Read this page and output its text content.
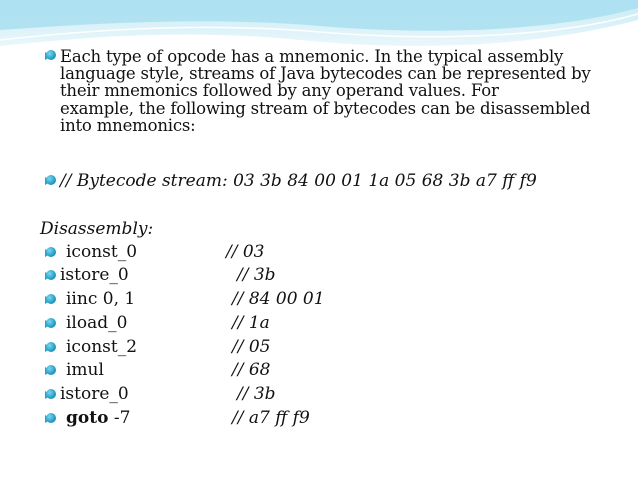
Each type of opcode has a mnemonic. In the typical assembly
language style, streams of Java bytecodes can be represented by
their mnemonics followed by any operand values. For
example, the following stream of bytecodes can be disassembled
into mnemonics:
// Bytecode stream: 03 3b 84 00 01 1a 05 68 3b a7 ff f9
Disassembly:
iconst_0	// 03
istore_0	// 3b
iinc 0, 1	// 84 00 01
iload_0	// 1a
iconst_2	// 05
imul	// 68
istore_0	// 3b
goto -7	// a7 ff f9
